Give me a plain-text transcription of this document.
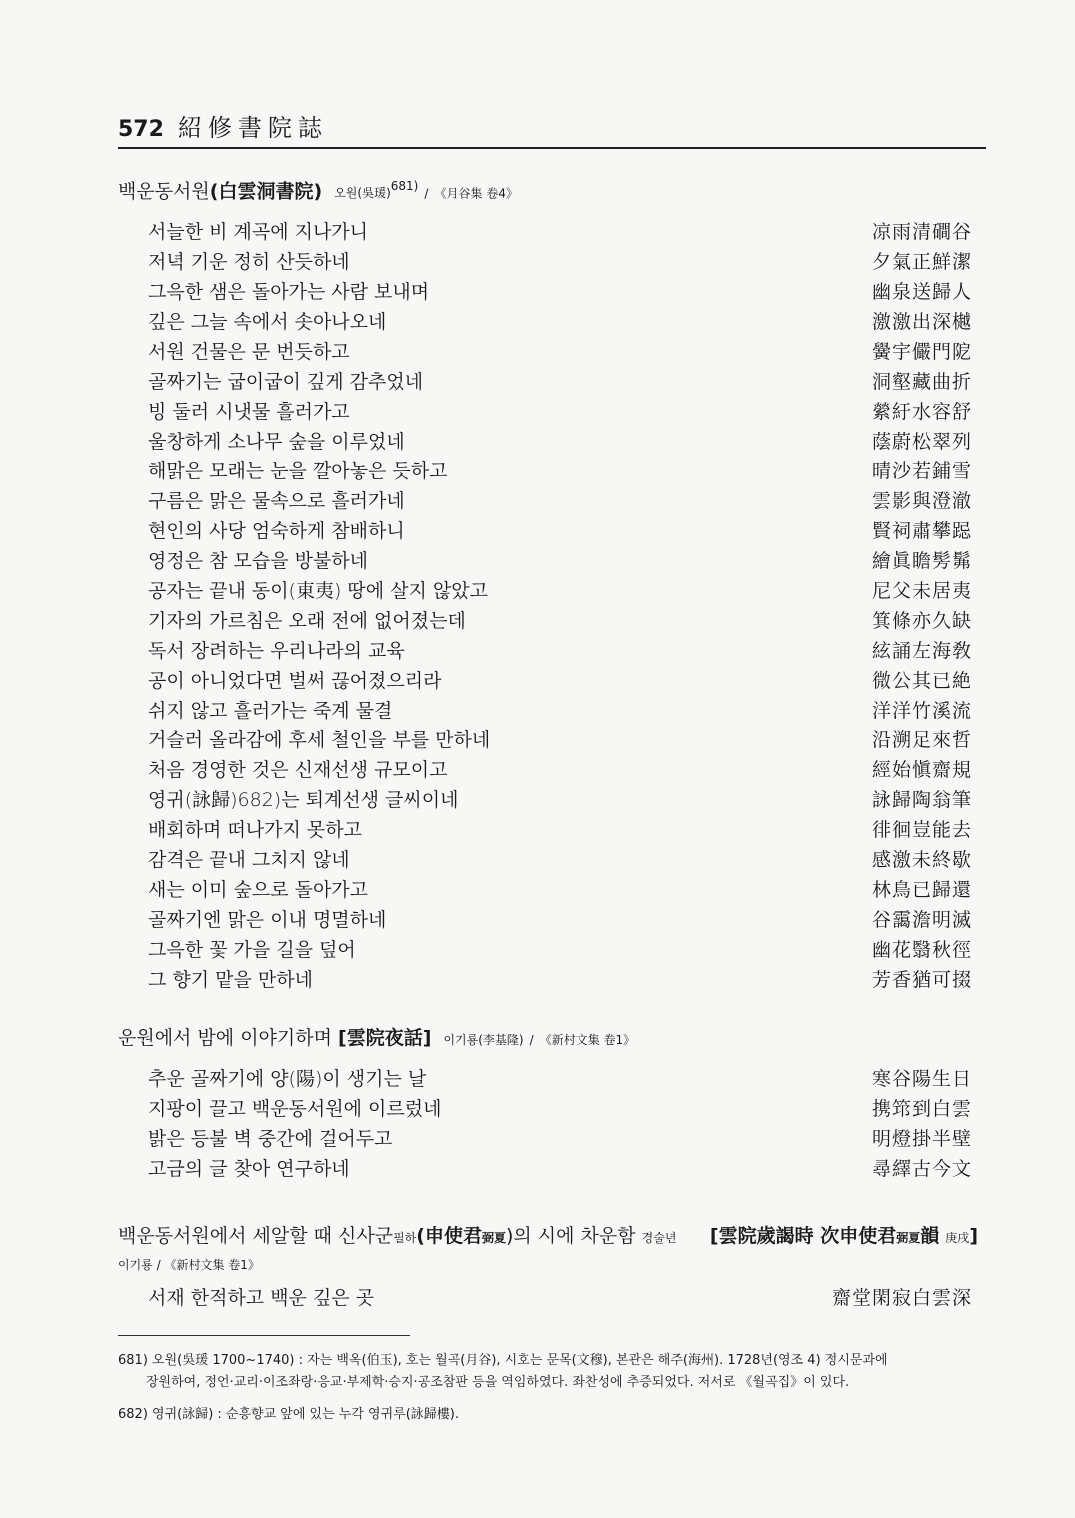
572 紹修書院誌
백운동서원(白雲洞書院) 오원(吳瑗)$^{681)}$ / 《月谷集 卷4》
서늘한 비 계곡에 지나가니	凉雨清磵谷
저녁 기운 정히 산듯하네	夕氣正鮮潔
그윽한 샘은 돌아가는 사람 보내며	幽泉送歸人
깊은 그늘 속에서 솟아나오네	激激出深樾
서원 건물은 문 번듯하고	黌宇儼門阸
골짜기는 굽이굽이 깊게 감추었네	洞壑藏曲折
빙 둘러 시냇물 흘러가고	縈紆水容舒
울창하게 소나무 숲을 이루었네	蔭蔚松翠列
해맑은 모래는 눈을 깔아놓은 듯하고	晴沙若鋪雪
구름은 맑은 물속으로 흘러가네	雲影與澄澈
현인의 사당 엄숙하게 참배하니	賢祠肅攀跽
영정은 참 모습을 방불하네	繪眞瞻髣髴
공자는 끝내 동이(東夷) 땅에 살지 않았고	尼父未居夷
기자의 가르침은 오래 전에 없어졌는데	箕條亦久缺
독서 장려하는 우리나라의 교육	絃誦左海敎
공이 아니었다면 벌써 끊어졌으리라	微公其已絶
쉬지 않고 흘러가는 죽계 물결	洋洋竹溪流
거슬러 올라감에 후세 철인을 부를 만하네	沿溯足來哲
처음 경영한 것은 신재선생 규모이고	經始愼齋規
영귀(詠歸)682)는 퇴계선생 글씨이네	詠歸陶翁筆
배회하며 떠나가지 못하고	徘徊豈能去
감격은 끝내 그치지 않네	感激未終歇
새는 이미 숲으로 돌아가고	林鳥已歸還
골짜기엔 맑은 이내 명멸하네	谷靄澹明滅
그윽한 꽃 가을 길을 덮어	幽花翳秋徑
그 향기 맡을 만하네	芳香猶可掇
운원에서 밤에 이야기하며 [雲院夜話] 이기룡(李基隆) / 《新村文集 卷1》
추운 골짜기에 양(陽)이 생기는 날	寒谷陽生日
지팡이 끌고 백운동서원에 이르렀네	携筇到白雲
밝은 등불 벽 중간에 걸어두고	明燈掛半壁
고금의 글 찾아 연구하네	尋繹古今文
백운동서원에서 세알할 때 신사군필하(申使君弼夏)의 시에 차운함 경술년 [雲院歲謁時 次申使君弼夏韻 庚戌]
이기룡 / 《新村文集 卷1》
서재 한적하고 백운 깊은 곳	齋堂閑寂白雲深
681) 오원(吳瑗 1700~1740) : 자는 백옥(伯玉), 호는 월곡(月谷), 시호는 문목(文穆), 본관은 해주(海州). 1728년(영조 4) 정시문과에
장원하여, 정언·교리·이조좌랑·응교·부제학·승지·공조참판 등을 역임하였다. 좌찬성에 추증되었다. 저서로 《월곡집》이 있다.
682) 영귀(詠歸) : 순흥향교 앞에 있는 누각 영귀루(詠歸樓).
